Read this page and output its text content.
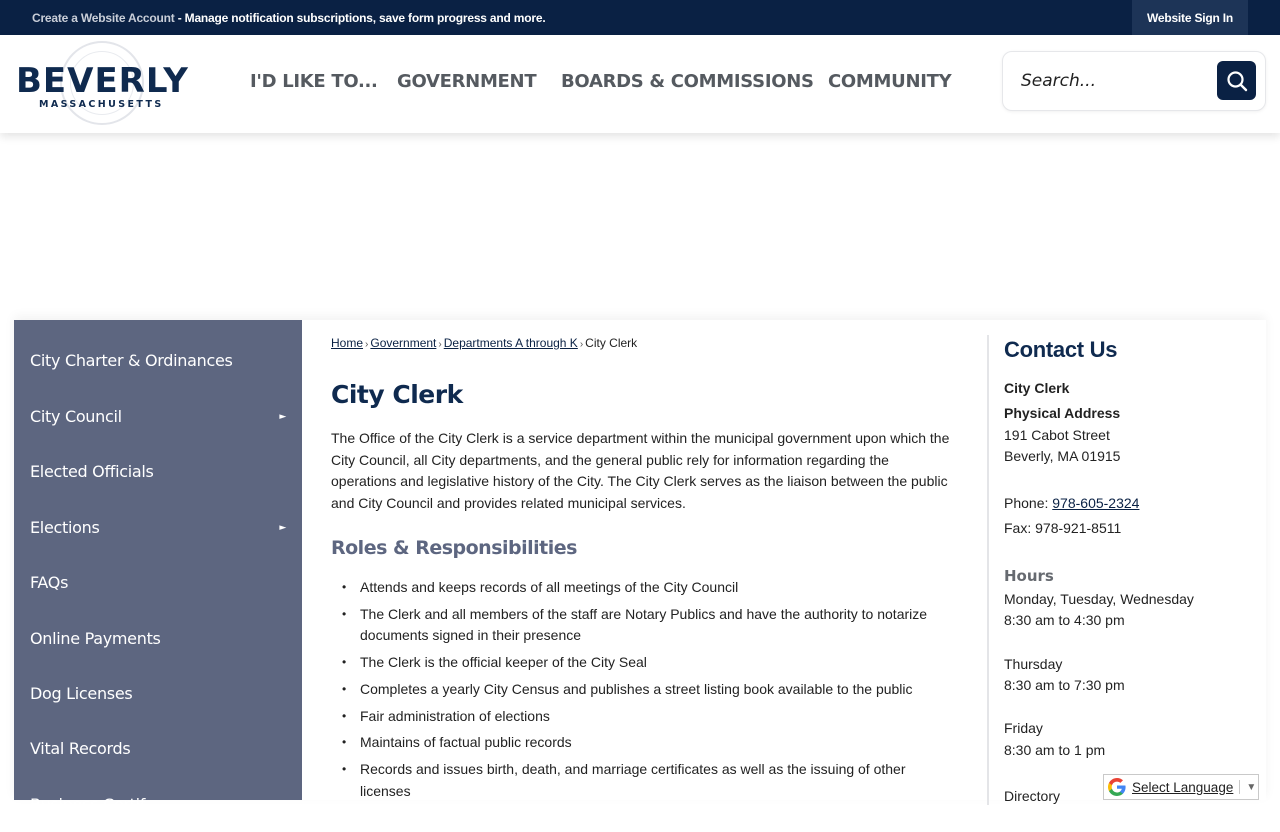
Create a Website Account - Manage notification subscriptions, save form progress and more.	Website Sign In
BEVERLY
MASSACHUSETTS
I'D LIKE TO... GOVERNMENT BOARDS & COMMISSIONS COMMUNITY
Search...
City Charter & Ordinances
City Council	►
Elected Officials
Elections	►
FAQs
Online Payments
Dog Licenses
Vital Records
Business Certif...
Home › Government › Departments A through K › City Clerk
City Clerk

The Office of the City Clerk is a service department within the municipal government upon which the City Council, all City departments, and the general public rely for information regarding the operations and legislative history of the City. The City Clerk serves as the liaison between the public and City Council and provides related municipal services.

Roles & Responsibilities
• Attends and keeps records of all meetings of the City Council
• The Clerk and all members of the staff are Notary Publics and have the authority to notarize documents signed in their presence
• The Clerk is the official keeper of the City Seal
• Completes a yearly City Census and publishes a street listing book available to the public
• Fair administration of elections
• Maintains of factual public records
• Records and issues birth, death, and marriage certificates as well as the issuing of other licenses
Contact Us
City Clerk
Physical Address
191 Cabot Street
Beverly, MA 01915
Phone: 978-605-2324
Fax: 978-921-8511
Hours
Monday, Tuesday, Wednesday
8:30 am to 4:30 pm
Thursday
8:30 am to 7:30 pm
Friday
8:30 am to 1 pm
Directory
Select Language ▼
